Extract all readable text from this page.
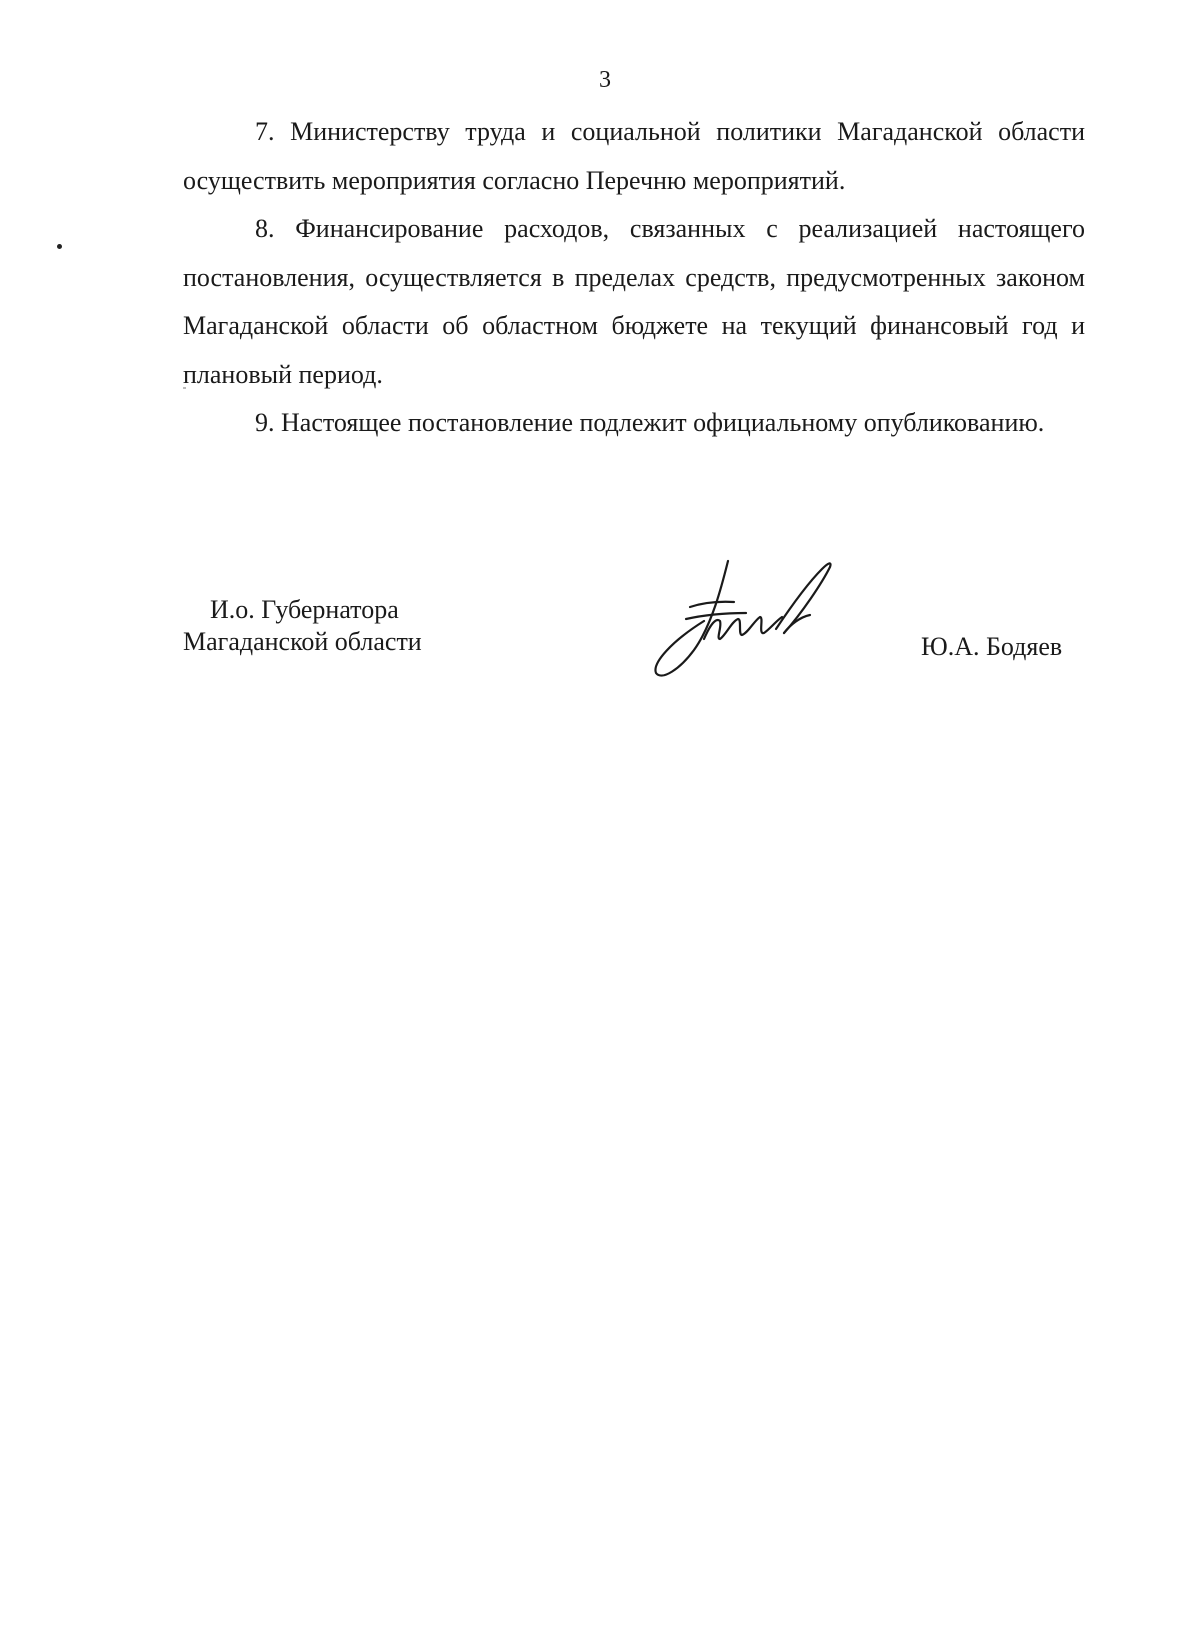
3

7. Министерству труда и социальной политики Магаданской области осуществить мероприятия согласно Перечню мероприятий.

8. Финансирование расходов, связанных с реализацией настоящего постановления, осуществляется в пределах средств, предусмотренных законом Магаданской области об областном бюджете на текущий финансовый год и плановый период.

9. Настоящее постановление подлежит официальному опубликованию.

И.о. Губернатора
Магаданской области	Ю.А. Бодяев
